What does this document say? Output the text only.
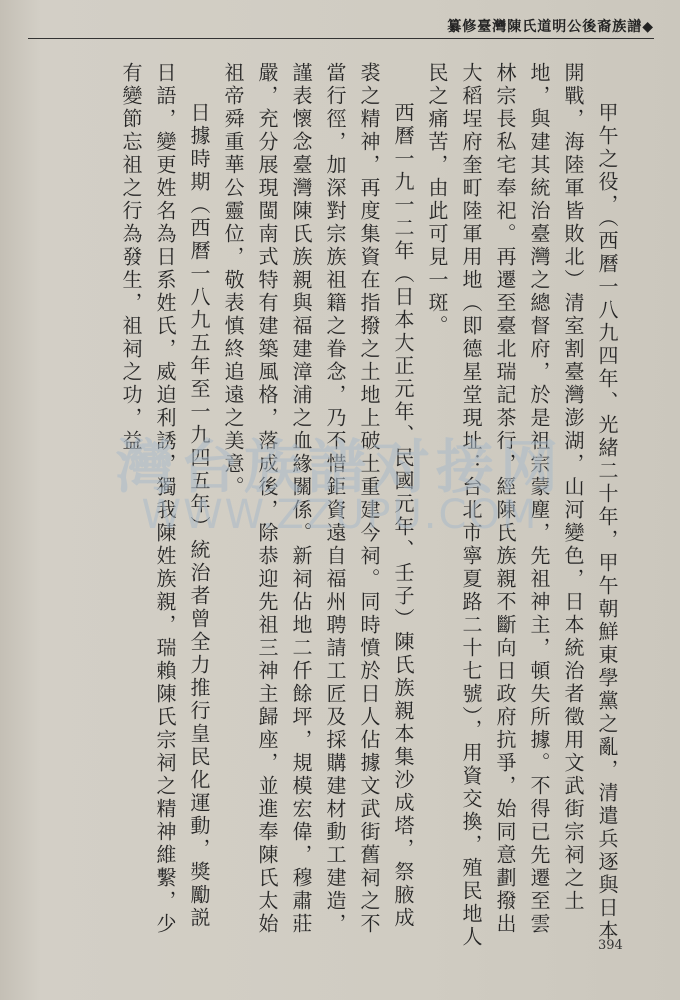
纂修臺灣陳氏道明公後裔族譜◆

甲午之役，（西曆一八九四年、光緒二十年，甲午朝鮮東學黨之亂，清遣兵逐與日本開戰，海陸軍皆敗北）清室割臺灣澎湖，山河變色，日本統治者徵用文武街宗祠之土地，與建其統治臺灣之總督府，於是祖宗蒙塵，先祖神主，頓失所據。不得已先遷至雲林宗長私宅奉祀。再遷至臺北瑞記茶行，經陳氏族親不斷向日政府抗爭，始同意劃撥出大稻埕府奎町陸軍用地（即德星堂現址：台北市寧夏路二十七號），用資交換，殖民地人民之痛苦，由此可見一斑。

西曆一九一二年（日本大正元年、民國元年、壬子）陳氏族親本集沙成塔，祭腋成裘之精神，再度集資在指撥之土地上破土重建今祠。同時憤於日人佔據文武街舊祠之不當行徑，加深對宗族祖籍之眷念，乃不惜鉅資遠自福州聘請工匠及採購建材動工建造，謹表懷念臺灣陳氏族親與福建漳浦之血緣關係。新祠佔地二仟餘坪，規模宏偉，穆肅莊嚴，充分展現閩南式特有建築風格，落成後，除恭迎先祖三神主歸座，並進奉陳氏太始祖帝舜重華公靈位，敬表慎終追遠之美意。

日據時期（西曆一八九五年至一九四五年）統治者曾全力推行皇民化運動，獎勵説日語，變更姓名為日系姓氏，威迫利誘，獨我陳姓族親，瑞賴陳氏宗祠之精神維繫，少有變節忘祖之行為發生，祖祠之功，益

灣台族譜对接网
WWW.ZZUPU.COM
394
